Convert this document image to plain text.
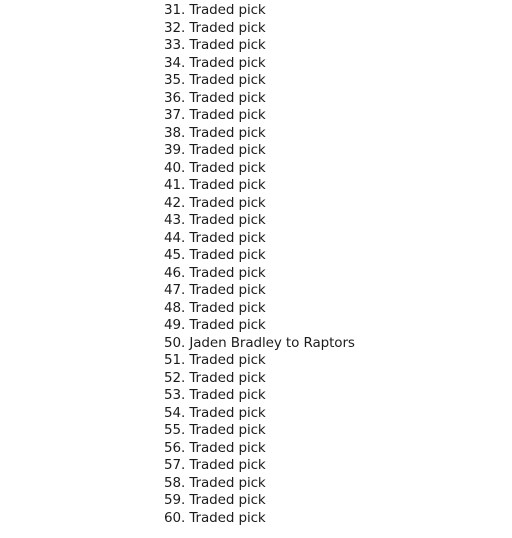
31. Traded pick
32. Traded pick
33. Traded pick
34. Traded pick
35. Traded pick
36. Traded pick
37. Traded pick
38. Traded pick
39. Traded pick
40. Traded pick
41. Traded pick
42. Traded pick
43. Traded pick
44. Traded pick
45. Traded pick
46. Traded pick
47. Traded pick
48. Traded pick
49. Traded pick
50. Jaden Bradley to Raptors
51. Traded pick
52. Traded pick
53. Traded pick
54. Traded pick
55. Traded pick
56. Traded pick
57. Traded pick
58. Traded pick
59. Traded pick
60. Traded pick
